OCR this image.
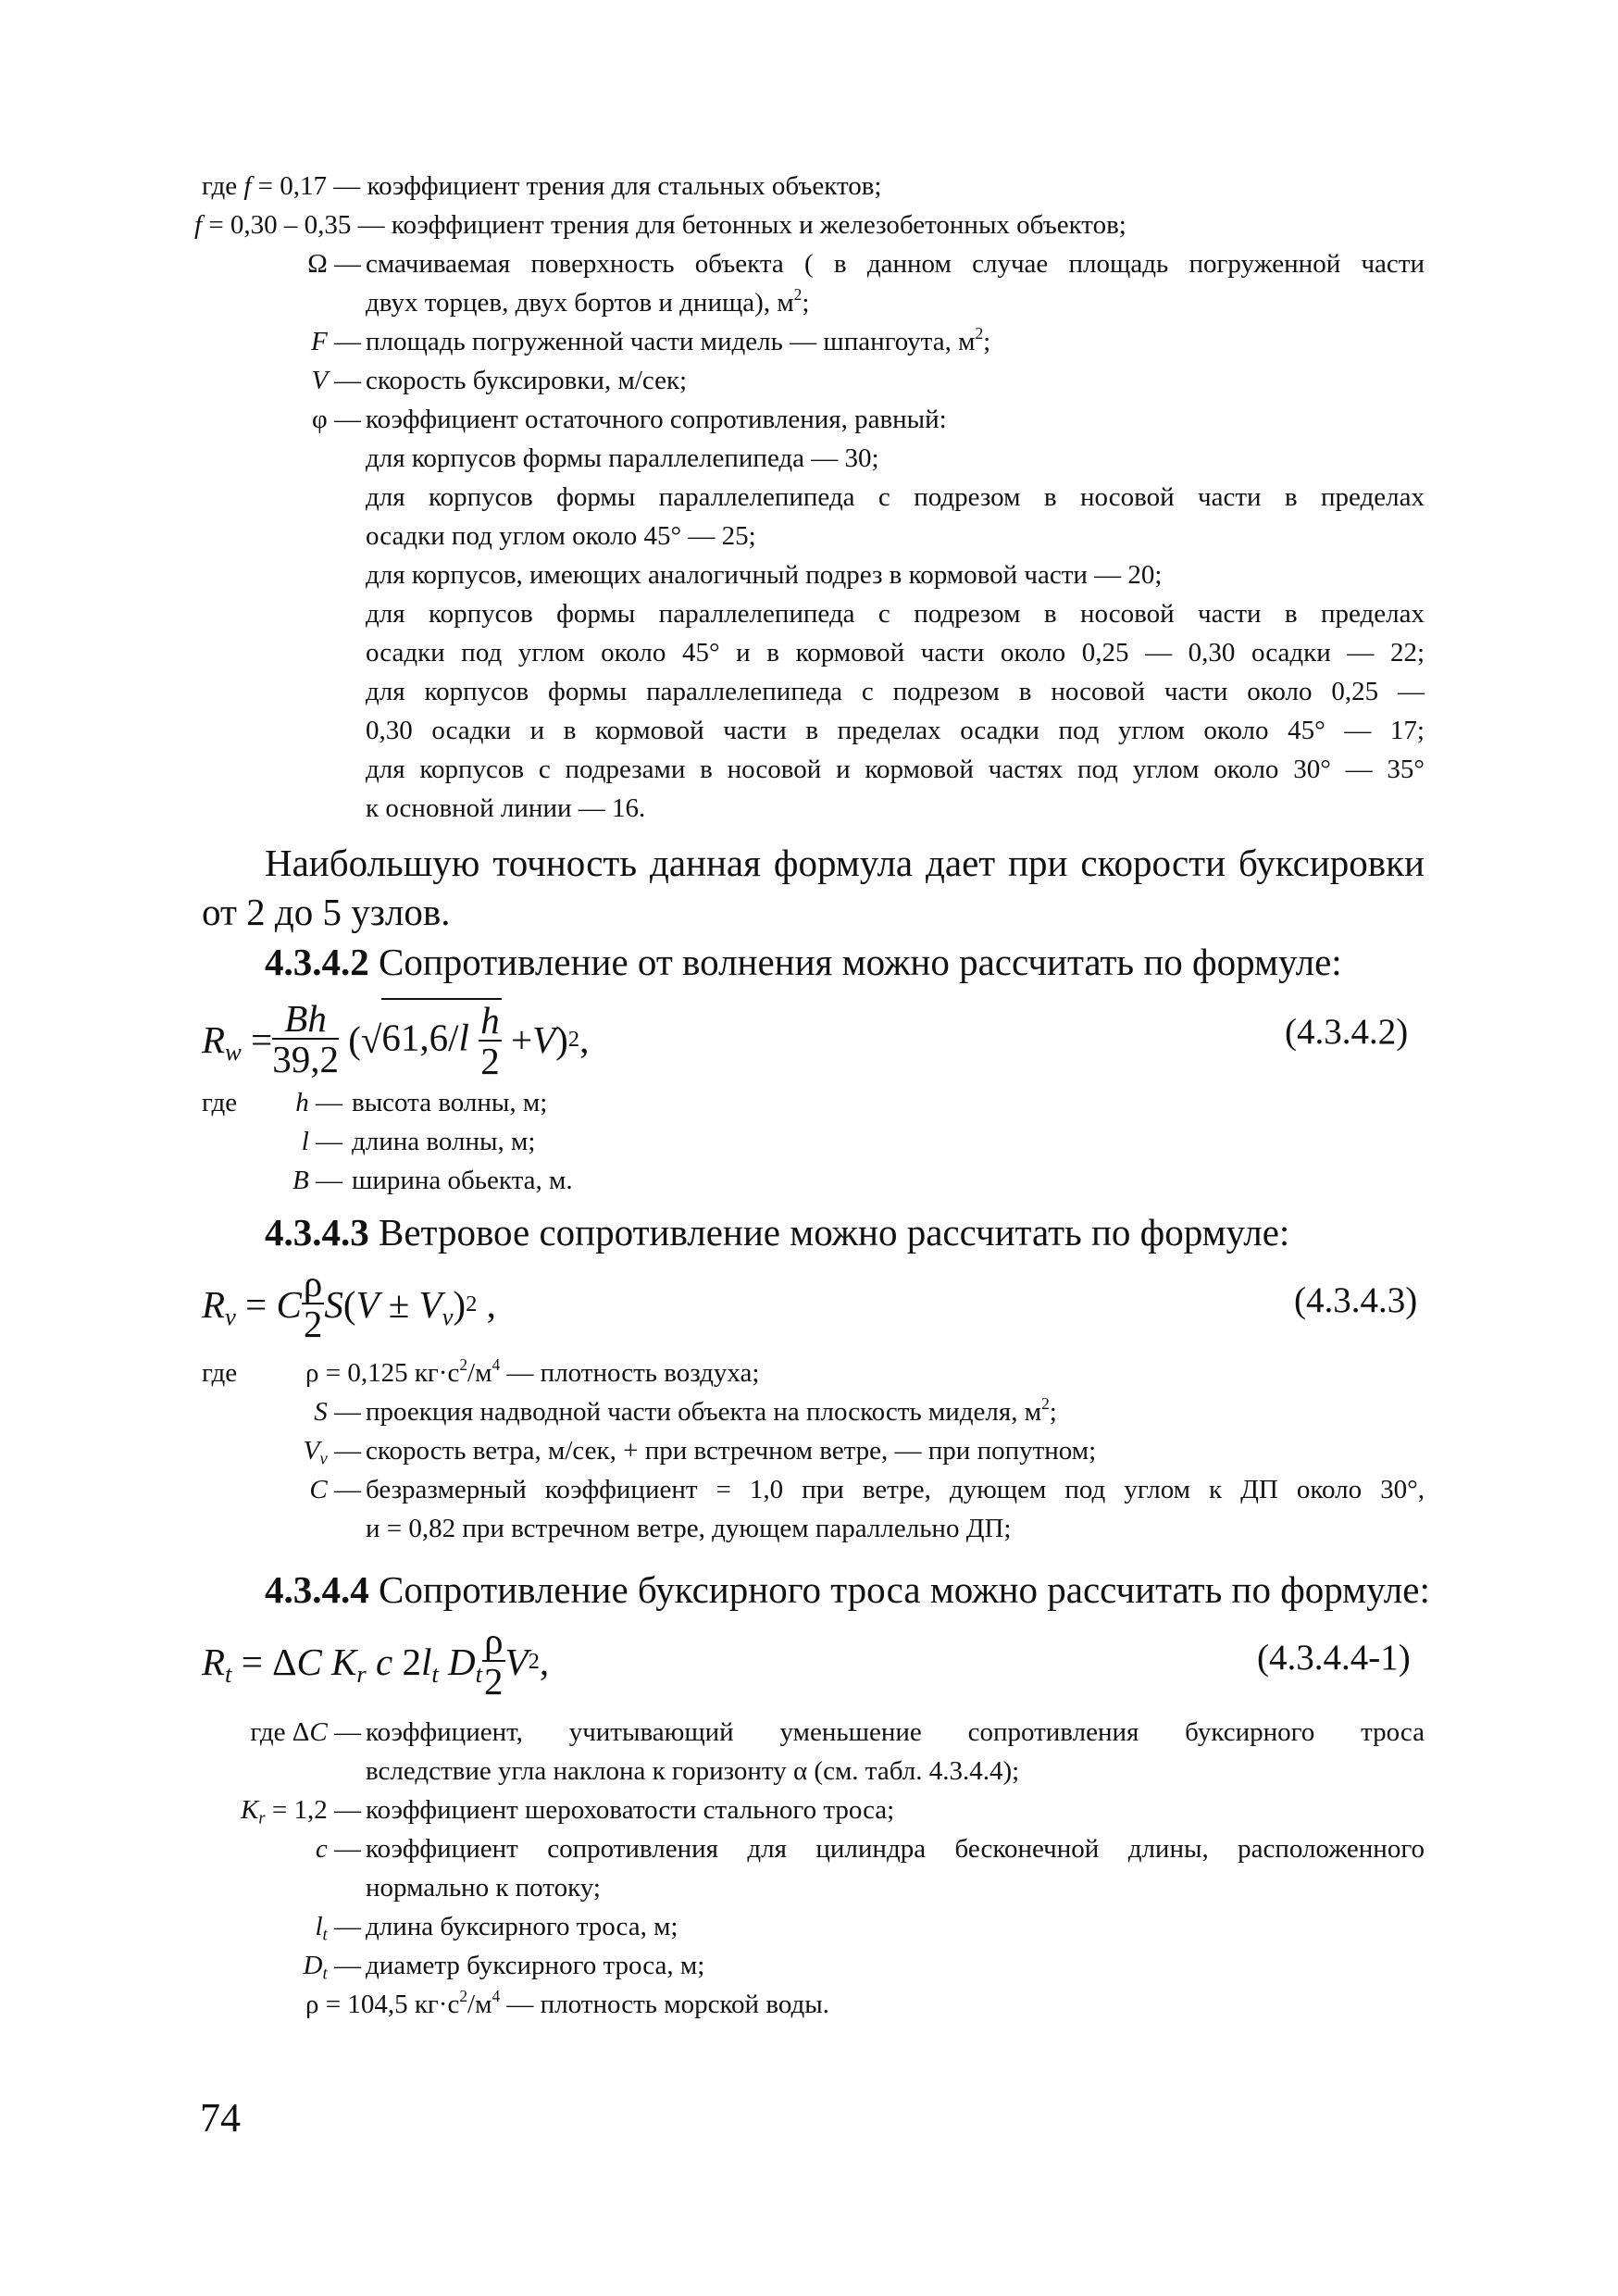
где f = 0,17 — коэффициент трения для стальных объектов;
f = 0,30 – 0,35 — коэффициент трения для бетонных и железобетонных объектов;
Ω — смачиваемая поверхность объекта ( в данном случае площадь погруженной части
двух торцев, двух бортов и днища), $м^2$;
F — площадь погруженной части мидель — шпангоута, $м^2$;
V — скорость буксировки, м/сек;
φ — коэффициент остаточного сопротивления, равный:
для корпусов формы параллелепипеда — 30;
для корпусов формы параллелепипеда с подрезом в носовой части в пределах
осадки под углом около 45° — 25;
для корпусов, имеющих аналогичный подрез в кормовой части — 20;
для корпусов формы параллелепипеда с подрезом в носовой части в пределах
осадки под углом около 45° и в кормовой части около 0,25 — 0,30 осадки — 22;
для корпусов формы параллелепипеда с подрезом в носовой части около 0,25 —
0,30 осадки и в кормовой части в пределах осадки под углом около 45° — 17;
для корпусов с подрезами в носовой и кормовой частях под углом около 30° — 35°
к основной линии — 16.
Наибольшую точность данная формула дает при скорости буксировки
от 2 до 5 узлов.
4.3.4.2 Сопротивление от волнения можно рассчитать по формуле:
$R_w = \frac{Bh}{39,2}$ ( √ $61,6/l \frac{h}{2} + V$ ) 2 ,	(4.3.4.2)
где	h — высота волны, м;
l — длина волны, м;
B — ширина обьекта, м.
4.3.4.3 Ветровое сопротивление можно рассчитать по формуле:
$R_v = C \frac{\rho}{2}$ S ( $V \pm V_v$ ) 2 ,	(4.3.4.3)
где	ρ = 0,125 $кг\cdot с^2/м^4$ — плотность воздуха;
S — проекция надводной части объекта на плоскость миделя, $м^2$;
$V_v$ — скорость ветра, м/сек, + при встречном ветре, — при попутном;
C — безразмерный коэффициент = 1,0 при ветре, дующем под углом к ДП около 30°,
и = 0,82 при встречном ветре, дующем параллельно ДП;
4.3.4.4 Сопротивление буксирного троса можно рассчитать по формуле:
$R_t = \Delta$ C $K_r$ c 2 $l_t$ $D_t \frac{\rho}{2}$ V 2 ,	(4.3.4.4-1)
где ΔC — коэффициент, учитывающий уменьшение сопротивления буксирного троса
вследствие угла наклона к горизонту α (см. табл. 4.3.4.4);
$K_r = 1,2$ — коэффициент шероховатости стального троса;
c — коэффициент сопротивления для цилиндра бесконечной длины, расположенного
нормально к потоку;
$l_t$ — длина буксирного троса, м;
$D_t$ — диаметр буксирного троса, м;
ρ = 104,5 $кг\cdot с^2/м^4$ — плотность морской воды.
74
